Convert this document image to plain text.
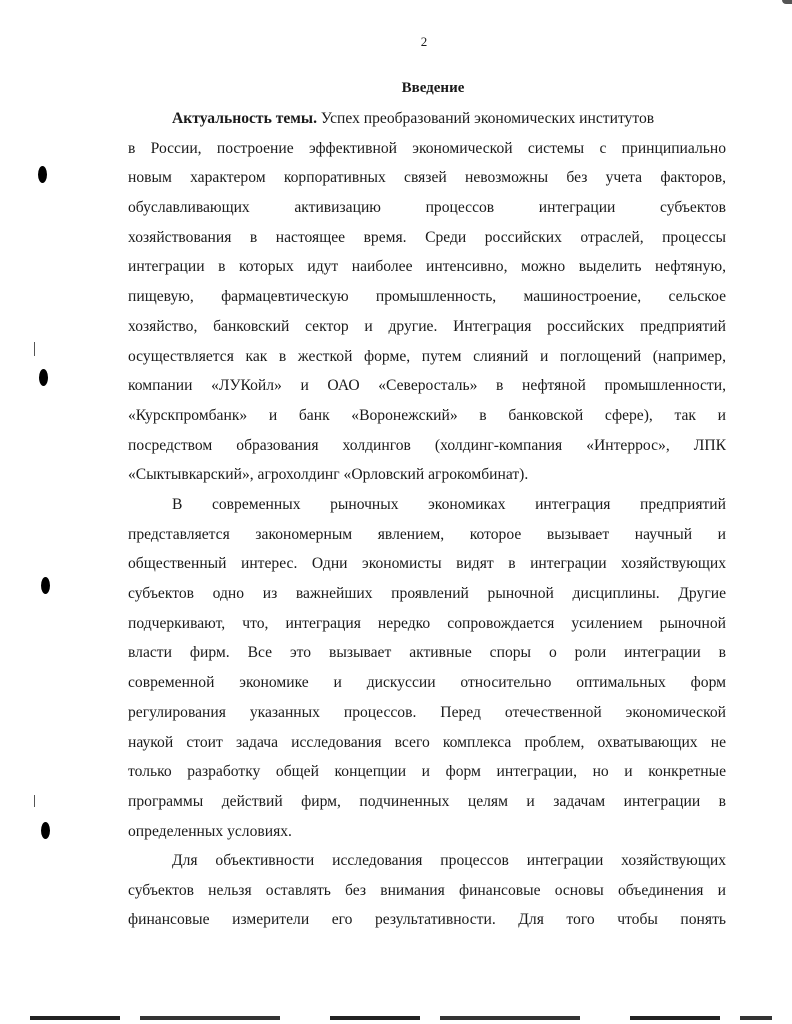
2
Введение
Актуальность темы. Успех преобразований экономических институтов
в России, построение эффективной экономической системы с принципиально
новым характером корпоративных связей невозможны без учета факторов,
обуславливающих активизацию процессов интеграции субъектов
хозяйствования в настоящее время. Среди российских отраслей, процессы
интеграции в которых идут наиболее интенсивно, можно выделить нефтяную,
пищевую, фармацевтическую промышленность, машиностроение, сельское
хозяйство, банковский сектор и другие. Интеграция российских предприятий
осуществляется как в жесткой форме, путем слияний и поглощений (например,
компании «ЛУКойл» и ОАО «Северосталь» в нефтяной промышленности,
«Курскпромбанк» и банк «Воронежский» в банковской сфере), так и
посредством образования холдингов (холдинг-компания «Интеррос», ЛПК
«Сыктывкарский», агрохолдинг «Орловский агрокомбинат).
В современных рыночных экономиках интеграция предприятий
представляется закономерным явлением, которое вызывает научный и
общественный интерес. Одни экономисты видят в интеграции хозяйствующих
субъектов одно из важнейших проявлений рыночной дисциплины. Другие
подчеркивают, что, интеграция нередко сопровождается усилением рыночной
власти фирм. Все это вызывает активные споры о роли интеграции в
современной экономике и дискуссии относительно оптимальных форм
регулирования указанных процессов. Перед отечественной экономической
наукой стоит задача исследования всего комплекса проблем, охватывающих не
только разработку общей концепции и форм интеграции, но и конкретные
программы действий фирм, подчиненных целям и задачам интеграции в
определенных условиях.
Для объективности исследования процессов интеграции хозяйствующих
субъектов нельзя оставлять без внимания финансовые основы объединения и
финансовые измерители его результативности. Для того чтобы понять
